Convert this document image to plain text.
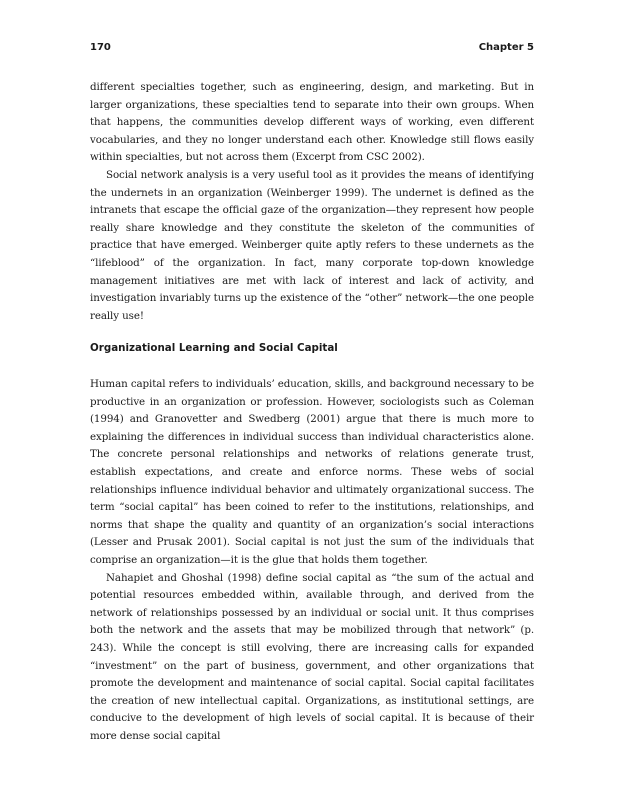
170	Chapter 5

different specialties together, such as engineering, design, and marketing. But in larger organizations, these specialties tend to separate into their own groups. When that happens, the communities develop different ways of working, even different vocabularies, and they no longer understand each other. Knowledge still flows easily within specialties, but not across them (Excerpt from CSC 2002).

Social network analysis is a very useful tool as it provides the means of identifying the undernets in an organization (Weinberger 1999). The undernet is defined as the intranets that escape the official gaze of the organization—they represent how people really share knowledge and they constitute the skeleton of the communities of practice that have emerged. Weinberger quite aptly refers to these undernets as the “lifeblood” of the organization. In fact, many corporate top-down knowledge management initiatives are met with lack of interest and lack of activity, and investigation invariably turns up the existence of the “other” network—the one people really use!

Organizational Learning and Social Capital

Human capital refers to individuals’ education, skills, and background necessary to be productive in an organization or profession. However, sociologists such as Coleman (1994) and Granovetter and Swedberg (2001) argue that there is much more to explaining the differences in individual success than individual characteristics alone. The concrete personal relationships and networks of relations generate trust, establish expectations, and create and enforce norms. These webs of social relationships influence individual behavior and ultimately organizational success. The term “social capital” has been coined to refer to the institutions, relationships, and norms that shape the quality and quantity of an organization’s social interactions (Lesser and Prusak 2001). Social capital is not just the sum of the individuals that comprise an organization—it is the glue that holds them together.

Nahapiet and Ghoshal (1998) define social capital as “the sum of the actual and potential resources embedded within, available through, and derived from the network of relationships possessed by an individual or social unit. It thus comprises both the network and the assets that may be mobilized through that network” (p. 243). While the concept is still evolving, there are increasing calls for expanded “investment” on the part of business, government, and other organizations that promote the development and maintenance of social capital. Social capital facilitates the creation of new intellectual capital. Organizations, as institutional settings, are conducive to the development of high levels of social capital. It is because of their more dense social capital
